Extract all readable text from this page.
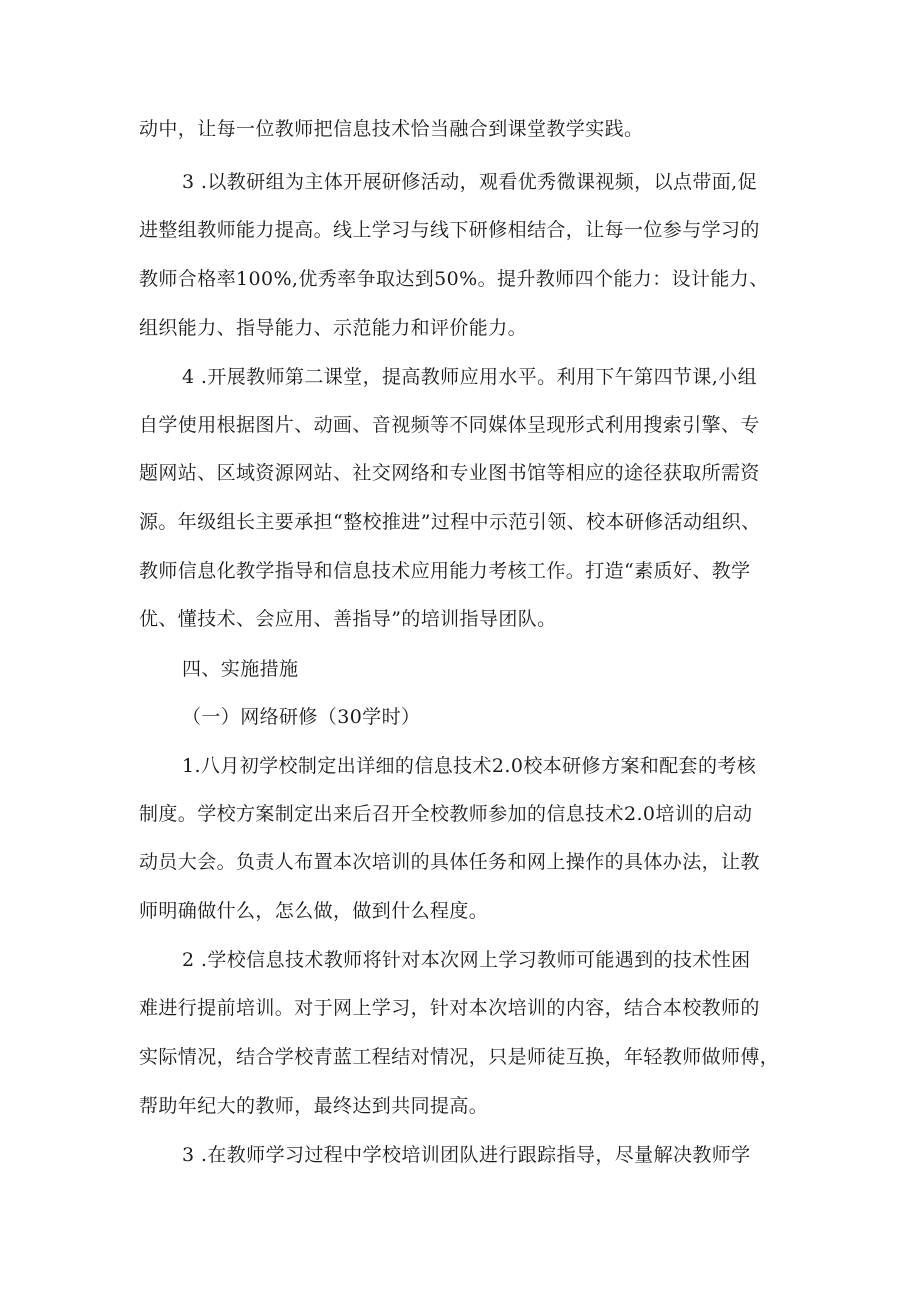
动中，让每一位教师把信息技术恰当融合到课堂教学实践。
3 .以教研组为主体开展研修活动，观看优秀微课视频，以点带面,促
进整组教师能力提高。线上学习与线下研修相结合，让每一位参与学习的
教师合格率100%,优秀率争取达到50%。提升教师四个能力：设计能力、
组织能力、指导能力、示范能力和评价能力。
4 .开展教师第二课堂，提高教师应用水平。利用下午第四节课,小组
自学使用根据图片、动画、音视频等不同媒体呈现形式利用搜索引擎、专
题网站、区域资源网站、社交网络和专业图书馆等相应的途径获取所需资
源。年级组长主要承担“整校推进”过程中示范引领、校本研修活动组织、
教师信息化教学指导和信息技术应用能力考核工作。打造“素质好、教学
优、懂技术、会应用、善指导”的培训指导团队。
四、实施措施
（一）网络研修（30学时）
1.八月初学校制定出详细的信息技术2.0校本研修方案和配套的考核
制度。学校方案制定出来后召开全校教师参加的信息技术2.0培训的启动
动员大会。负责人布置本次培训的具体任务和网上操作的具体办法，让教
师明确做什么，怎么做，做到什么程度。
2 .学校信息技术教师将针对本次网上学习教师可能遇到的技术性困
难进行提前培训。对于网上学习，针对本次培训的内容，结合本校教师的
实际情况，结合学校青蓝工程结对情况，只是师徒互换，年轻教师做师傅，
帮助年纪大的教师，最终达到共同提高。
3 .在教师学习过程中学校培训团队进行跟踪指导，尽量解决教师学
